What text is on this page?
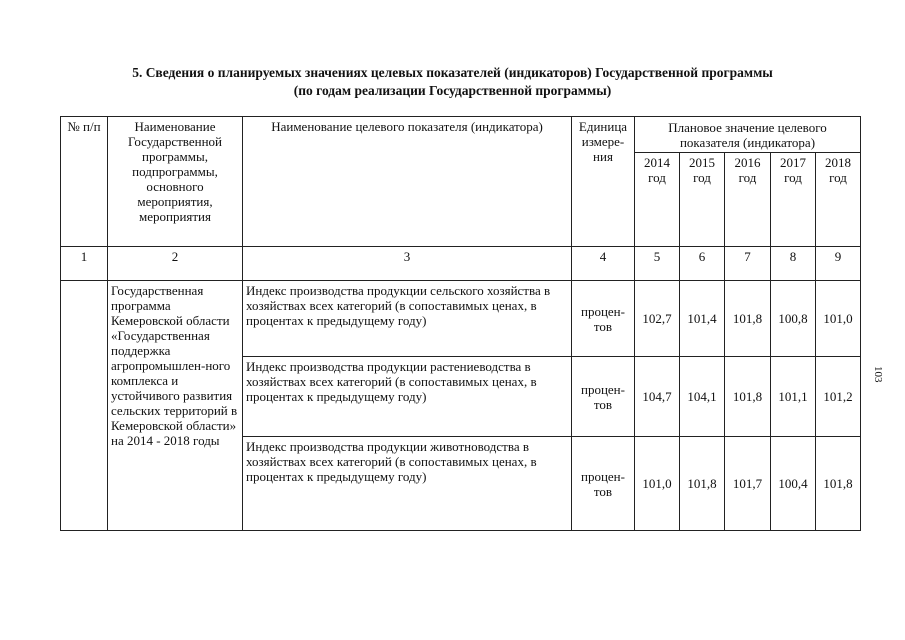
5. Сведения о планируемых значениях целевых показателей (индикаторов) Государственной программы
(по годам реализации Государственной программы)
№ п/п	Наименование Государственной программы, подпрограммы, основного мероприятия, мероприятия	Наименование целевого показателя (индикатора)	Единица измере-ния	Плановое значение целевого показателя (индикатора)				
				2014 год	2015 год	2016 год	2017 год	2018 год
1	2	3	4	5	6	7	8	9
	Государственная программа Кемеровской области «Государственная поддержка агропромышлен-ного комплекса и устойчивого развития сельских территорий в Кемеровской области» на 2014 - 2018 годы	Индекс производства продукции сельского хозяйства в хозяйствах всех категорий (в сопоставимых ценах, в процентах к предыдущему году)	процен-тов	102,7	101,4	101,8	100,8	101,0
		Индекс производства продукции растениеводства в хозяйствах всех категорий (в сопоставимых ценах, в процентах к предыдущему году)	процен-тов	104,7	104,1	101,8	101,1	101,2
		Индекс производства продукции животноводства в хозяйствах всех категорий (в сопоставимых ценах, в процентах к предыдущему году)	процен-тов	101,0	101,8	101,7	100,4	101,8
103
